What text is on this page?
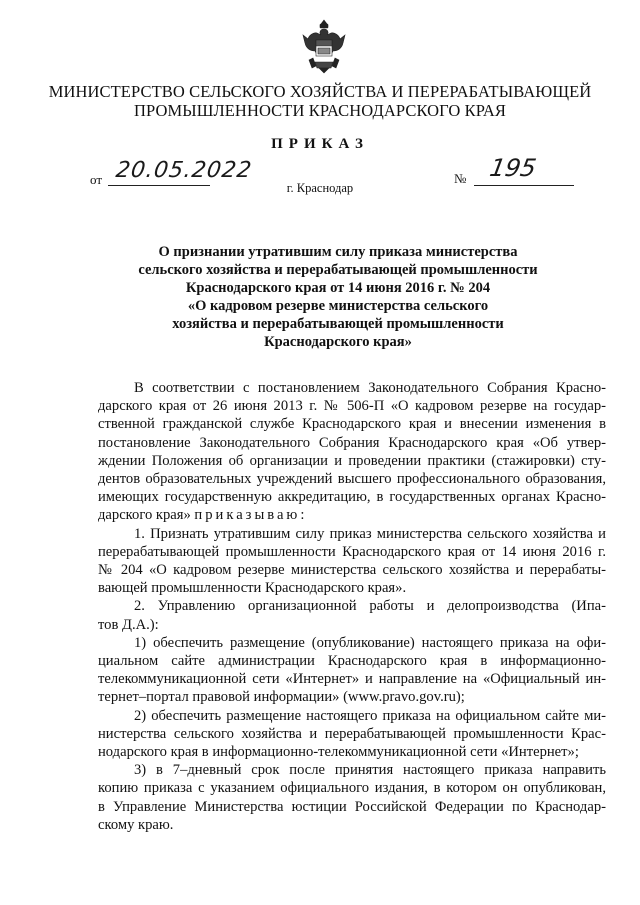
МИНИСТЕРСТВО СЕЛЬСКОГО ХОЗЯЙСТВА И ПЕРЕРАБАТЫВАЮЩЕЙ
ПРОМЫШЛЕННОСТИ КРАСНОДАРСКОГО КРАЯ
ПРИКАЗ
от 20.05.2022	№ 195
г. Краснодар
О признании утратившим силу приказа министерства
сельского хозяйства и перерабатывающей промышленности
Краснодарского края от 14 июня 2016 г. № 204
«О кадровом резерве министерства сельского
хозяйства и перерабатывающей промышленности
Краснодарского края»

В соответствии с постановлением Законодательного Собрания Красно-

дарского края от 26 июня 2013 г. № 506-П «О кадровом резерве на государ-

ственной гражданской службе Краснодарского края и внесении изменения в

постановление Законодательного Собрания Краснодарского края «Об утвер-

ждении Положения об организации и проведении практики (стажировки) сту-

дентов образовательных учреждений высшего профессионального образования,

имеющих государственную аккредитацию, в государственных органах Красно-

дарского края» приказываю:

1. Признать утратившим силу приказ министерства сельского хозяйства и

перерабатывающей промышленности Краснодарского края от 14 июня 2016 г.

№ 204 «О кадровом резерве министерства сельского хозяйства и перерабаты-

вающей промышленности Краснодарского края».

2. Управлению организационной работы и делопроизводства (Ипа-

тов Д.А.):

1) обеспечить размещение (опубликование) настоящего приказа на офи-

циальном сайте администрации Краснодарского края в информационно-

телекоммуникационной сети «Интернет» и направление на «Официальный ин-

тернет–портал правовой информации» (www.pravo.gov.ru);

2) обеспечить размещение настоящего приказа на официальном сайте ми-

нистерства сельского хозяйства и перерабатывающей промышленности Крас-

нодарского края в информационно-телекоммуникационной сети «Интернет»;

3) в 7–дневный срок после принятия настоящего приказа направить

копию приказа с указанием официального издания, в котором он опубликован,

в Управление Министерства юстиции Российской Федерации по Краснодар-

скому краю.
